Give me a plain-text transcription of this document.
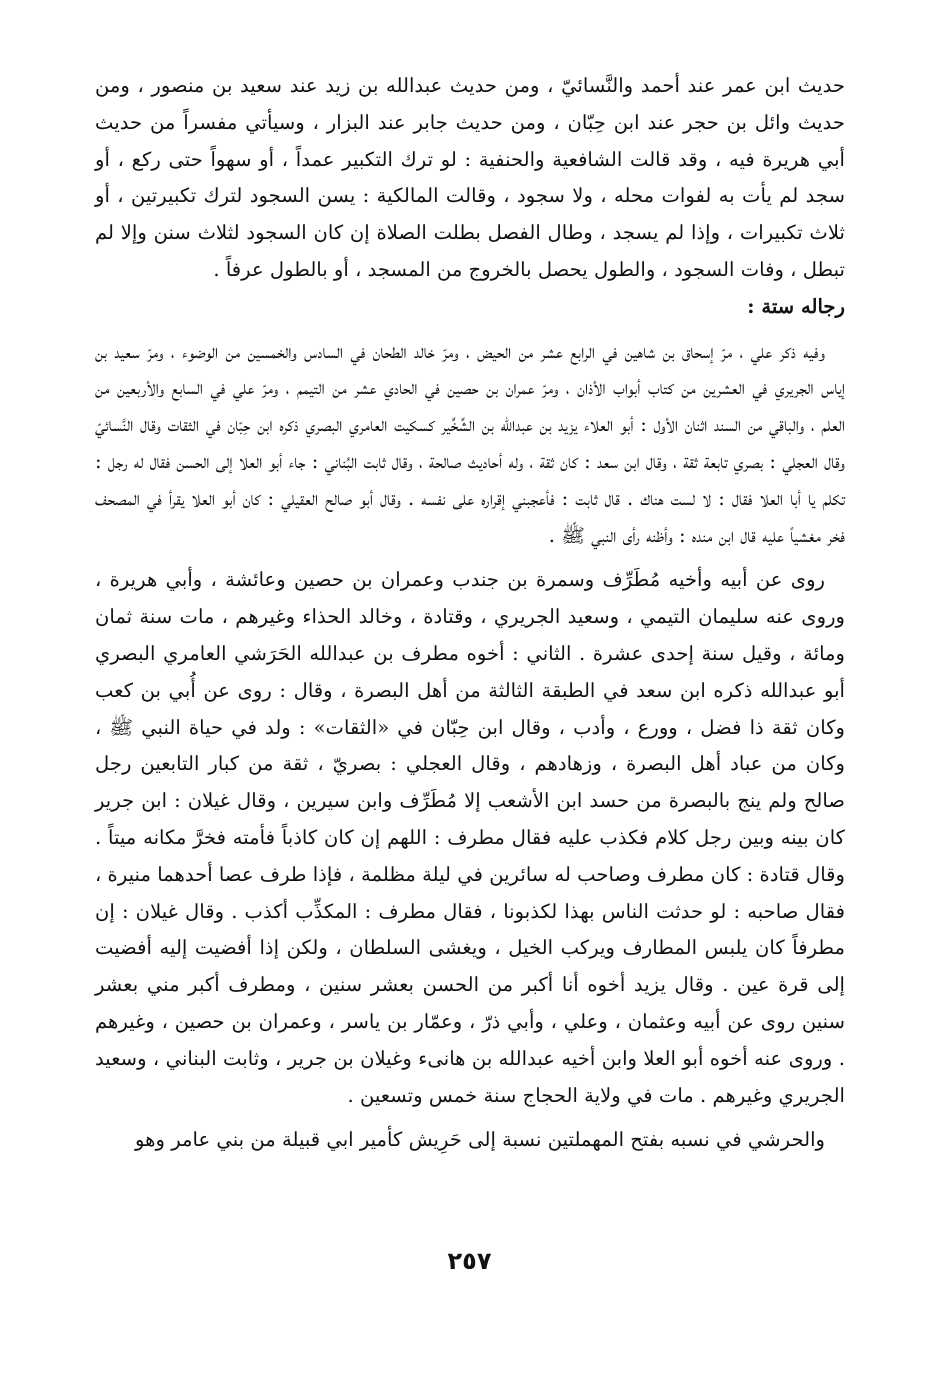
حديث ابن عمر عند أحمد والنَّسائيّ ، ومن حديث عبدالله بن زيد عند سعيد بن منصور ، ومن حديث وائل بن حجر عند ابن حِبّان ، ومن حديث جابر عند البزار ، وسيأتي مفسراً من حديث أبي هريرة فيه ، وقد قالت الشافعية والحنفية : لو ترك التكبير عمداً ، أو سهواً حتى ركع ، أو سجد لم يأت به لفوات محله ، ولا سجود ، وقالت المالكية : يسن السجود لترك تكبيرتين ، أو ثلاث تكبيرات ، وإذا لم يسجد ، وطال الفصل بطلت الصلاة إن كان السجود لثلاث سنن وإلا لم تبطل ، وفات السجود ، والطول يحصل بالخروج من المسجد ، أو بالطول عرفاً .

رجاله ستة :

وفيه ذكر علي ، مرّ إسحاق بن شاهين في الرابع عشر من الحيض ، ومرّ خالد الطحان في السادس والخمسين من الوضوء ، ومرّ سعيد بن إياس الجريري في العشرين من كتاب أبواب الأذان ، ومرّ عمران بن حصين في الحادي عشر من التيمم ، ومرّ علي في السابع والأربعين من العلم ، والباقي من السند اثنان الأول : أبو العلاء يزيد بن عبدالله بن الشِّخِّير كسكيت العامري البصري ذكره ابن حِبّان في الثقات وقال النَّسائيّ وقال العجلي : بصري تابعة ثقة ، وقال ابن سعد : كان ثقة ، وله أحاديث صالحة ، وقال ثابت البُناني : جاء أبو العلا إلى الحسن فقال له رجل : تكلم يا أبا العلا فقال : لا لست هناك . قال ثابت : فأعجبني إقراره على نفسه . وقال أبو صالح العقيلي : كان أبو العلا يقرأ في المصحف فخر مغشياً عليه قال ابن منده : وأظنه رأى النبي ﷺ .

روى عن أبيه وأخيه مُطَرِّف وسمرة بن جندب وعمران بن حصين وعائشة ، وأبي هريرة ، وروى عنه سليمان التيمي ، وسعيد الجريري ، وقتادة ، وخالد الحذاء وغيرهم ، مات سنة ثمان ومائة ، وقيل سنة إحدى عشرة . الثاني : أخوه مطرف بن عبدالله الحَرَشي العامري البصري أبو عبدالله ذكره ابن سعد في الطبقة الثالثة من أهل البصرة ، وقال : روى عن أُبي بن كعب وكان ثقة ذا فضل ، وورع ، وأدب ، وقال ابن حِبّان في «الثقات» : ولد في حياة النبي ﷺ ، وكان من عباد أهل البصرة ، وزهادهم ، وقال العجلي : بصريّ ، ثقة من كبار التابعين رجل صالح ولم ينج بالبصرة من حسد ابن الأشعب إلا مُطَرِّف وابن سيرين ، وقال غيلان : ابن جرير كان بينه وبين رجل كلام فكذب عليه فقال مطرف : اللهم إن كان كاذباً فأمته فخرَّ مكانه ميتاً . وقال قتادة : كان مطرف وصاحب له سائرين في ليلة مظلمة ، فإذا طرف عصا أحدهما منيرة ، فقال صاحبه : لو حدثت الناس بهذا لكذبونا ، فقال مطرف : المكذِّب أكذب . وقال غيلان : إن مطرفاً كان يلبس المطارف ويركب الخيل ، ويغشى السلطان ، ولكن إذا أفضيت إليه أفضيت إلى قرة عين . وقال يزيد أخوه أنا أكبر من الحسن بعشر سنين ، ومطرف أكبر مني بعشر سنين روى عن أبيه وعثمان ، وعلي ، وأبي ذرّ ، وعمّار بن ياسر ، وعمران بن حصين ، وغيرهم . وروى عنه أخوه أبو العلا وابن أخيه عبدالله بن هانىء وغيلان بن جرير ، وثابت البناني ، وسعيد الجريري وغيرهم . مات في ولاية الحجاج سنة خمس وتسعين .

والحرشي في نسبه بفتح المهملتين نسبة إلى حَرِيش كأمير ابي قبيلة من بني عامر وهو

٢٥٧
